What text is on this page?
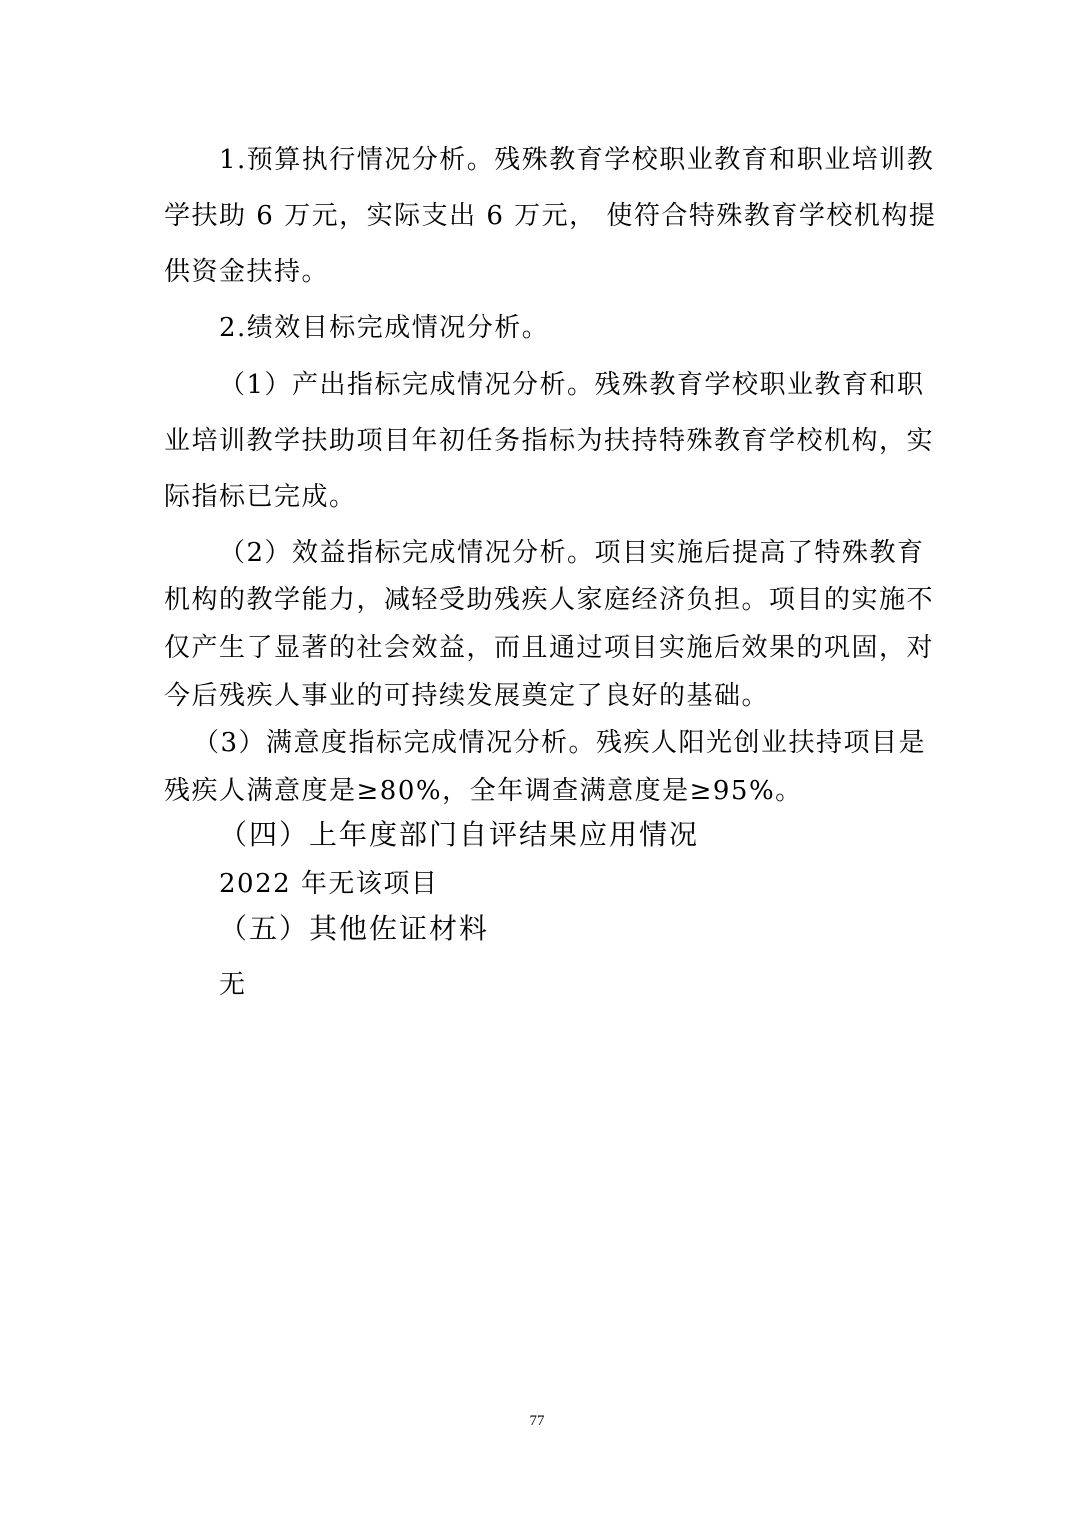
1.预算执行情况分析。残殊教育学校职业教育和职业培训教
学扶助 6 万元，实际支出 6 万元， 使符合特殊教育学校机构提
供资金扶持。
2.绩效目标完成情况分析。
（1）产出指标完成情况分析。残殊教育学校职业教育和职
业培训教学扶助项目年初任务指标为扶持特殊教育学校机构，实
际指标已完成。
（2）效益指标完成情况分析。项目实施后提高了特殊教育
机构的教学能力，减轻受助残疾人家庭经济负担。项目的实施不
仅产生了显著的社会效益，而且通过项目实施后效果的巩固，对
今后残疾人事业的可持续发展奠定了良好的基础。
（3）满意度指标完成情况分析。残疾人阳光创业扶持项目是
残疾人满意度是≥80%，全年调查满意度是≥95%。
（四）上年度部门自评结果应用情况
2022 年无该项目
（五）其他佐证材料
无
77
